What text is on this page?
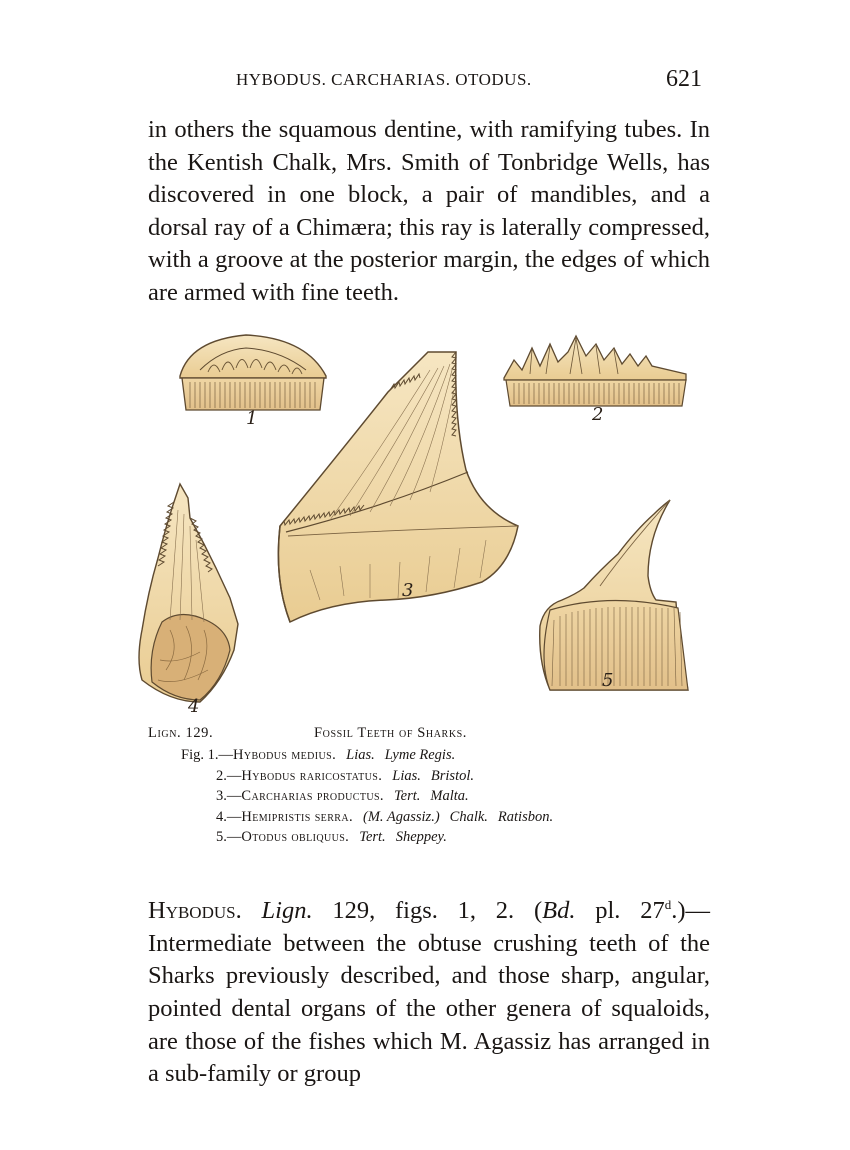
HYBODUS. CARCHARIAS. OTODUS.	621
in others the squamous dentine, with ramifying tubes. In the Kentish Chalk, Mrs. Smith of Tonbridge Wells, has discovered in one block, a pair of mandibles, and a dorsal ray of a Chimæra; this ray is laterally compressed, with a groove at the posterior margin, the edges of which are armed with fine teeth.
1	2
3
4
5
Lign. 129.	Fossil Teeth of Sharks.
Fig. 1.—Hybodus medius. Lias. Lyme Regis.
2.—Hybodus raricostatus. Lias. Bristol.
3.—Carcharias productus. Tert. Malta.
4.—Hemipristis serra. (M. Agassiz.) Chalk. Ratisbon.
5.—Otodus obliquus. Tert. Sheppey.
Hybodus. Lign. 129, figs. 1, 2. (Bd. pl. 27$^d$.)— Intermediate between the obtuse crushing teeth of the Sharks previously described, and those sharp, angular, pointed dental organs of the other genera of squaloids, are those of the fishes which M. Agassiz has arranged in a sub-family or group
